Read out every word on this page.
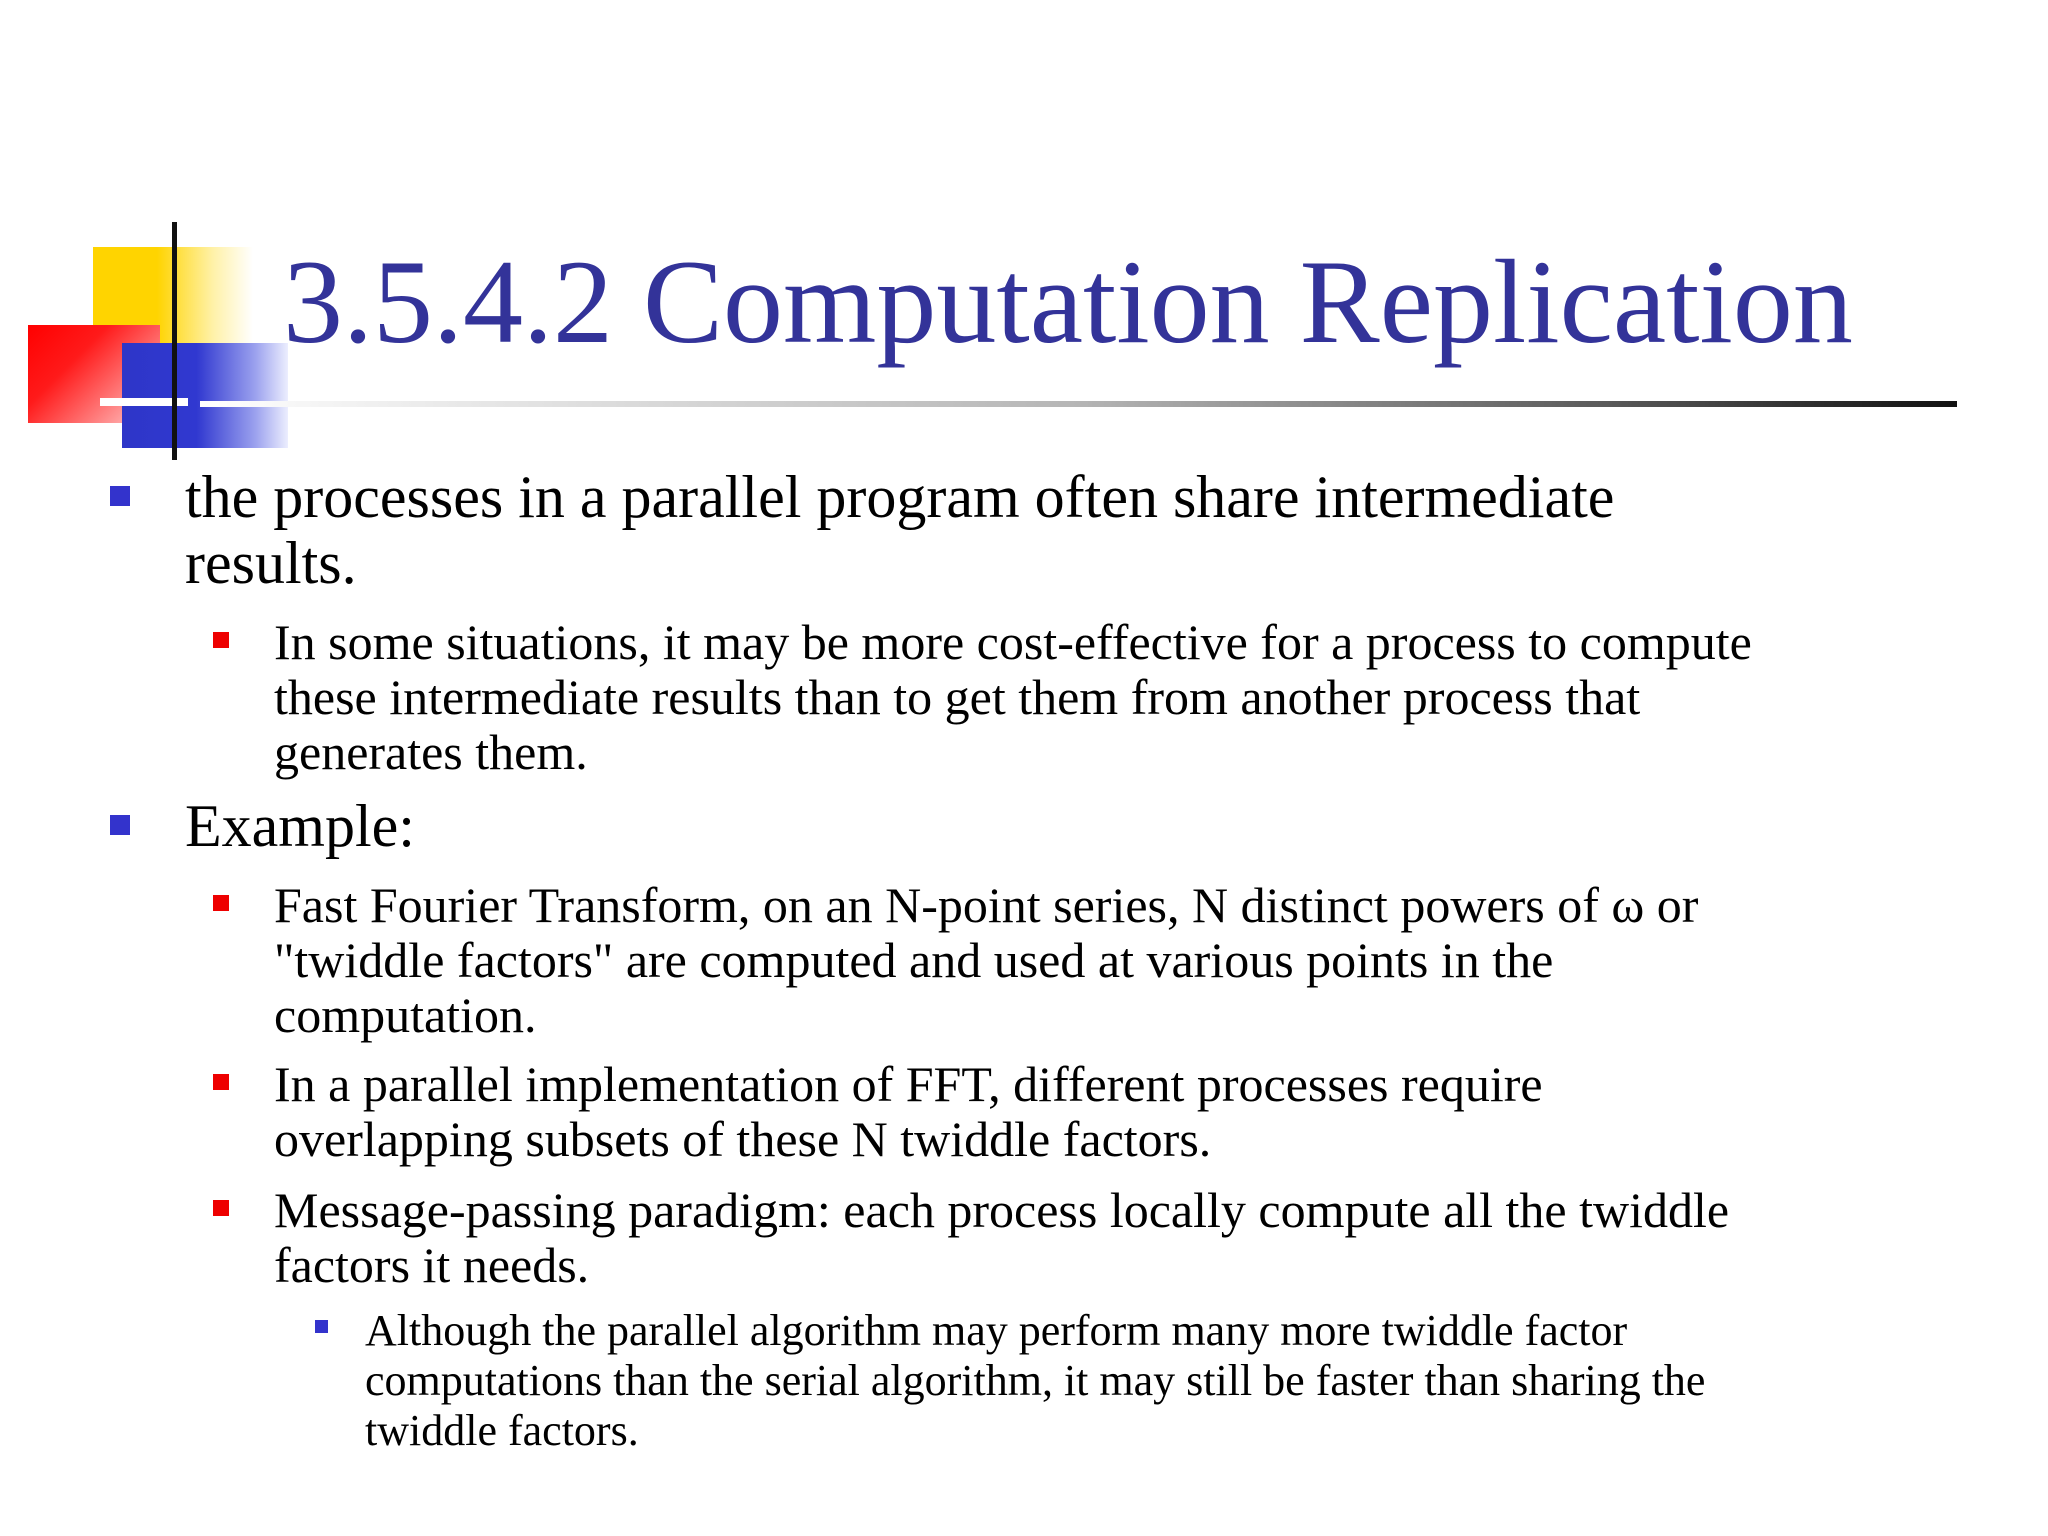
3.5.4.2 Computation Replication
the processes in a parallel program often share intermediate
results.
In some situations, it may be more cost-effective for a process to compute
these intermediate results than to get them from another process that
generates them.
Example:
Fast Fourier Transform, on an N-point series, N distinct powers of ω or
"twiddle factors" are computed and used at various points in the
computation.
In a parallel implementation of FFT, different processes require
overlapping subsets of these N twiddle factors.
Message-passing paradigm: each process locally compute all the twiddle
factors it needs.
Although the parallel algorithm may perform many more twiddle factor
computations than the serial algorithm, it may still be faster than sharing the
twiddle factors.
